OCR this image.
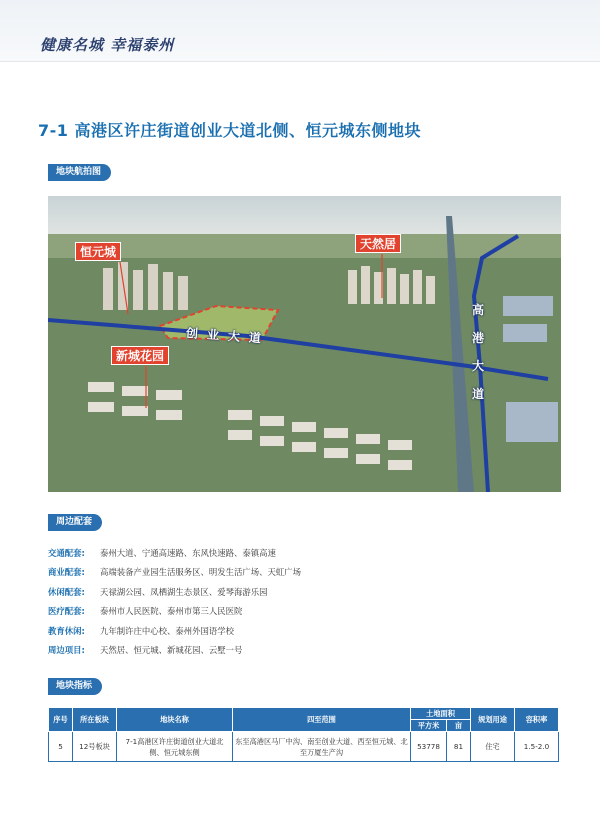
健康名城 幸福泰州
7-1 高港区许庄街道创业大道北侧、恒元城东侧地块
地块航拍图
恒元城
天然居
新城花园
创业大道
高
港
大
道
周边配套
交通配套:	泰州大道、宁通高速路、东风快速路、泰镇高速
商业配套:	高端装备产业园生活服务区、明发生活广场、天虹广场
休闲配套:	天禄湖公园、凤栖湖生态景区、爱琴海游乐园
医疗配套:	泰州市人民医院、泰州市第三人民医院
教育休闲:	九年制许庄中心校、泰州外国语学校
周边项目:	天然居、恒元城、新城花园、云墅一号
地块指标
序号	所在板块	地块名称	四至范围	土地面积		规划用途	容积率
				平方米	亩		
5	12号板块	7-1高港区许庄街道创业大道北侧、恒元城东侧	东至高港区马厂中沟、南至创业大道、西至恒元城、北至万厦生产沟	53778	81	住宅	1.5-2.0
